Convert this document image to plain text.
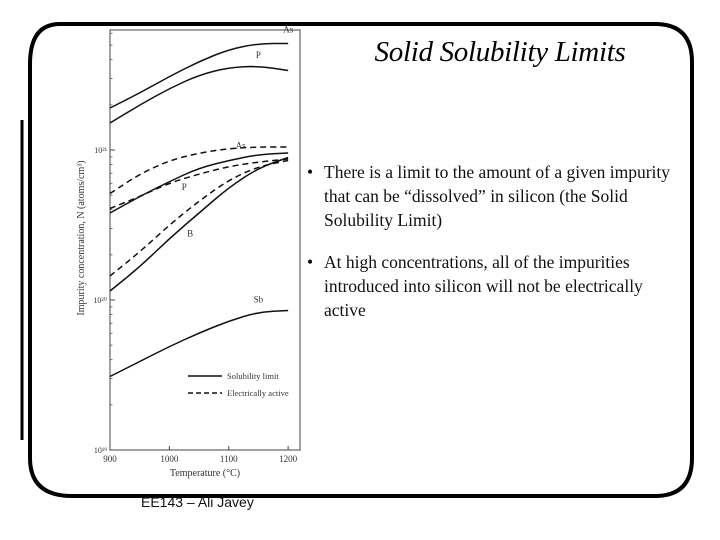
900	1000	1100	1200
10²¹
10²⁰
10¹⁹
As
P
As
B
P
Sb
Solubility limit
Electrically active
Temperature (°C)
Impurity concentration, N (atoms/cm³)
Solid Solubility Limits
• There is a limit to the amount of a given impurity that can be “dissolved” in silicon (the Solid Solubility Limit)
• At high concentrations, all of the impurities introduced into silicon will not be electrically active
EE143 – Ali Javey
